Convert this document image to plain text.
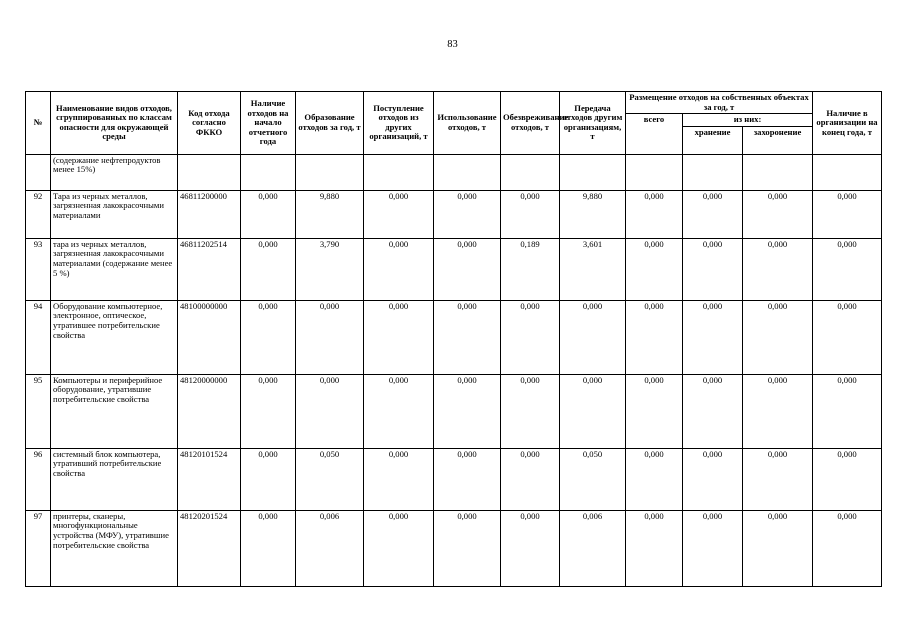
83
№	Наименование видов отходов, сгруппированных по классам опасности для окружающей среды	Код отхода согласно ФККО	Наличие отходов на начало отчетного года	Образование отходов за год, т	Поступление отходов из других организаций, т	Использование отходов, т	Обезвреживание отходов, т	Передача отходов другим организациям, т	Размещение отходов на собственных объектах за год, т			Наличие в организации на конец года, т
									всего	из них:		
										хранение	захоронение	
	(содержание нефтепродуктов менее 15%)											
92	Тара из черных металлов, загрязненная лакокрасочными материалами	46811200000	0,000	9,880	0,000	0,000	0,000	9,880	0,000	0,000	0,000	0,000
93	тара из черных металлов, загрязненная лакокрасочными материалами (содержание менее 5 %)	46811202514	0,000	3,790	0,000	0,000	0,189	3,601	0,000	0,000	0,000	0,000
94	Оборудование компьютерное, электронное, оптическое, утратившее потребительские свойства	48100000000	0,000	0,000	0,000	0,000	0,000	0,000	0,000	0,000	0,000	0,000
95	Компьютеры и периферийное оборудование, утратившие потребительские свойства	48120000000	0,000	0,000	0,000	0,000	0,000	0,000	0,000	0,000	0,000	0,000
96	системный блок компьютера, утративший потребительские свойства	48120101524	0,000	0,050	0,000	0,000	0,000	0,050	0,000	0,000	0,000	0,000
97	принтеры, сканеры, многофункциональные устройства (МФУ), утратившие потребительские свойства	48120201524	0,000	0,006	0,000	0,000	0,000	0,006	0,000	0,000	0,000	0,000
